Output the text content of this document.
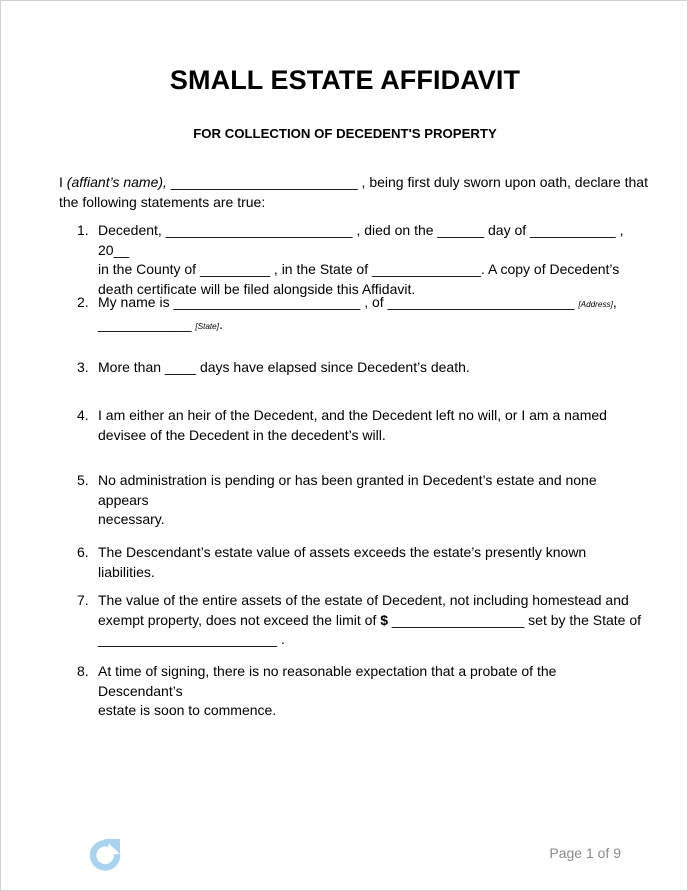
SMALL ESTATE AFFIDAVIT
FOR COLLECTION OF DECEDENT'S PROPERTY
I (affiant’s name), ________________________ , being first duly sworn upon oath, declare that
the following statements are true:
1. Decedent, ________________________ , died on the ______ day of ___________ , 20__
in the County of _________ , in the State of ______________. A copy of Decedent’s
death certificate will be filed alongside this Affidavit.
2. My name is ________________________ , of ________________________ [Address],
____________ [State].
3. More than ____ days have elapsed since Decedent’s death.
4. I am either an heir of the Decedent, and the Decedent left no will, or I am a named
devisee of the Decedent in the decedent’s will.
5. No administration is pending or has been granted in Decedent’s estate and none appears
necessary.
6. The Descendant’s estate value of assets exceeds the estate’s presently known liabilities.
7. The value of the entire assets of the estate of Decedent, not including homestead and
exempt property, does not exceed the limit of $ _________________ set by the State of
_______________________ .
8. At time of signing, there is no reasonable expectation that a probate of the Descendant’s
estate is soon to commence.
Page 1 of 9
